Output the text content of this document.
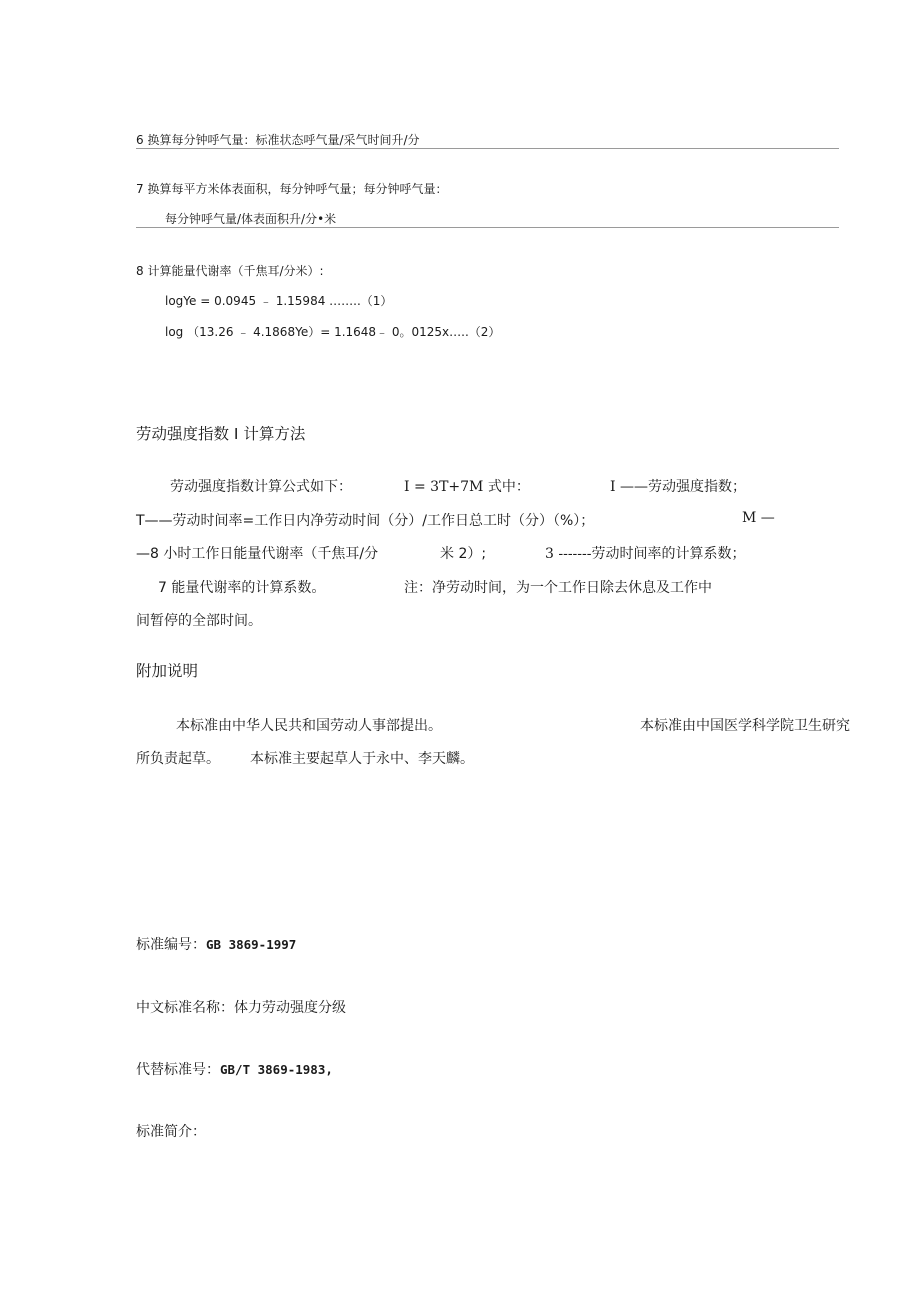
6 换算每分钟呼气量：标准状态呼气量/采气时间升/分
7 换算每平方米体表面积，每分钟呼气量；每分钟呼气量：
每分钟呼气量/体表面积升/分•米
8 计算能量代谢率（千焦耳/分米）:
logYe = 0.0945 ﹣ 1.15984 ……..（1）
log （13.26 ﹣ 4.1868Ye）= 1.1648﹣ 0。0125x…..（2）
劳动强度指数 I 计算方法
劳动强度指数计算公式如下：	I = 3T+7M 式中：	I ——劳动强度指数；
T——劳动时间率=工作日内净劳动时间（分）/工作日总工时（分）（%）；	M —
—8 小时工作日能量代谢率（千焦耳/分	米 2）;	3 -------劳动时间率的计算系数；
7 能量代谢率的计算系数。	注：净劳动时间，为一个工作日除去休息及工作中
间暂停的全部时间。
附加说明
本标准由中华人民共和国劳动人事部提出。	本标准由中国医学科学院卫生研究
所负责起草。 本标准主要起草人于永中、李天麟。
标准编号：GB 3869-1997
中文标准名称：体力劳动强度分级
代替标准号：GB/T 3869-1983,
标准简介：
